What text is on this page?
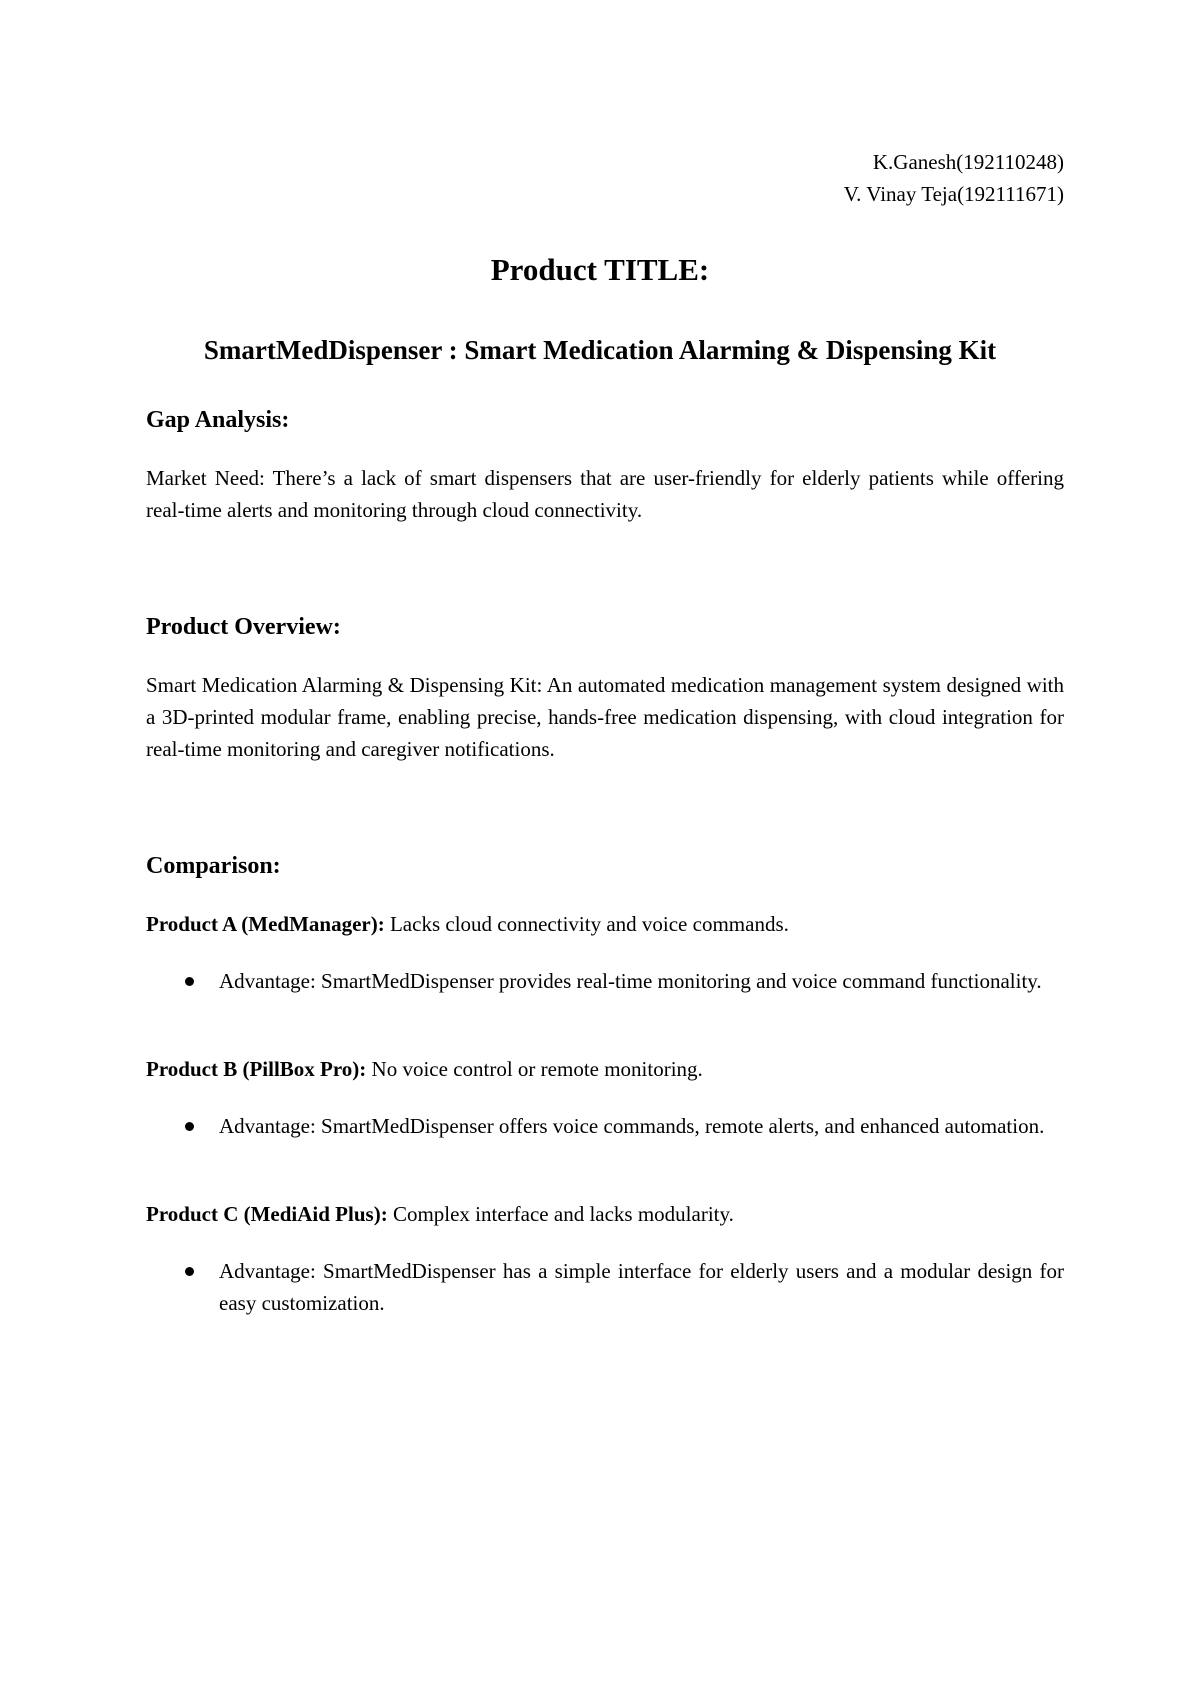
K.Ganesh(192110248)
V. Vinay Teja(192111671)
Product TITLE:
SmartMedDispenser : Smart Medication Alarming & Dispensing Kit

Gap Analysis:

Market Need: There’s a lack of smart dispensers that are user-friendly for elderly patients while offering real-time alerts and monitoring through cloud connectivity.

Product Overview:

Smart Medication Alarming & Dispensing Kit: An automated medication management system designed with a 3D-printed modular frame, enabling precise, hands-free medication dispensing, with cloud integration for real-time monitoring and caregiver notifications.

Comparison:

Product A (MedManager): Lacks cloud connectivity and voice commands.

Advantage: SmartMedDispenser provides real-time monitoring and voice command functionality.

Product B (PillBox Pro): No voice control or remote monitoring.

Advantage: SmartMedDispenser offers voice commands, remote alerts, and enhanced automation.

Product C (MediAid Plus): Complex interface and lacks modularity.

Advantage: SmartMedDispenser has a simple interface for elderly users and a modular design for easy customization.
